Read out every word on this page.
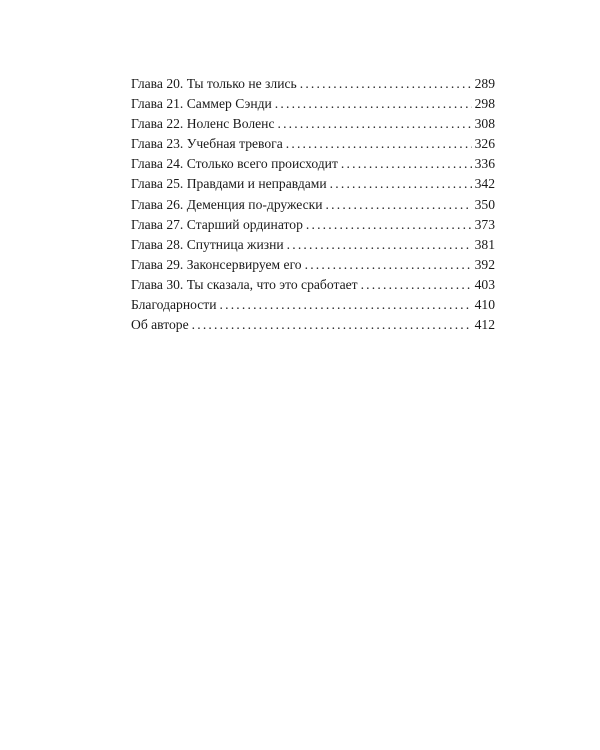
Глава 20. Ты только не злись . . .	289
Глава 21. Саммер Сэнди . . .	298
Глава 22. Ноленс Воленс . . .	308
Глава 23. Учебная тревога . . .	326
Глава 24. Столько всего происходит . . .	336
Глава 25. Правдами и неправдами . . .	342
Глава 26. Деменция по-дружески . . .	350
Глава 27. Старший ординатор . . .	373
Глава 28. Спутница жизни . . .	381
Глава 29. Законсервируем его . . .	392
Глава 30. Ты сказала, что это сработает . . .	403
Благодарности . . .	410
Об авторе . . .	412
